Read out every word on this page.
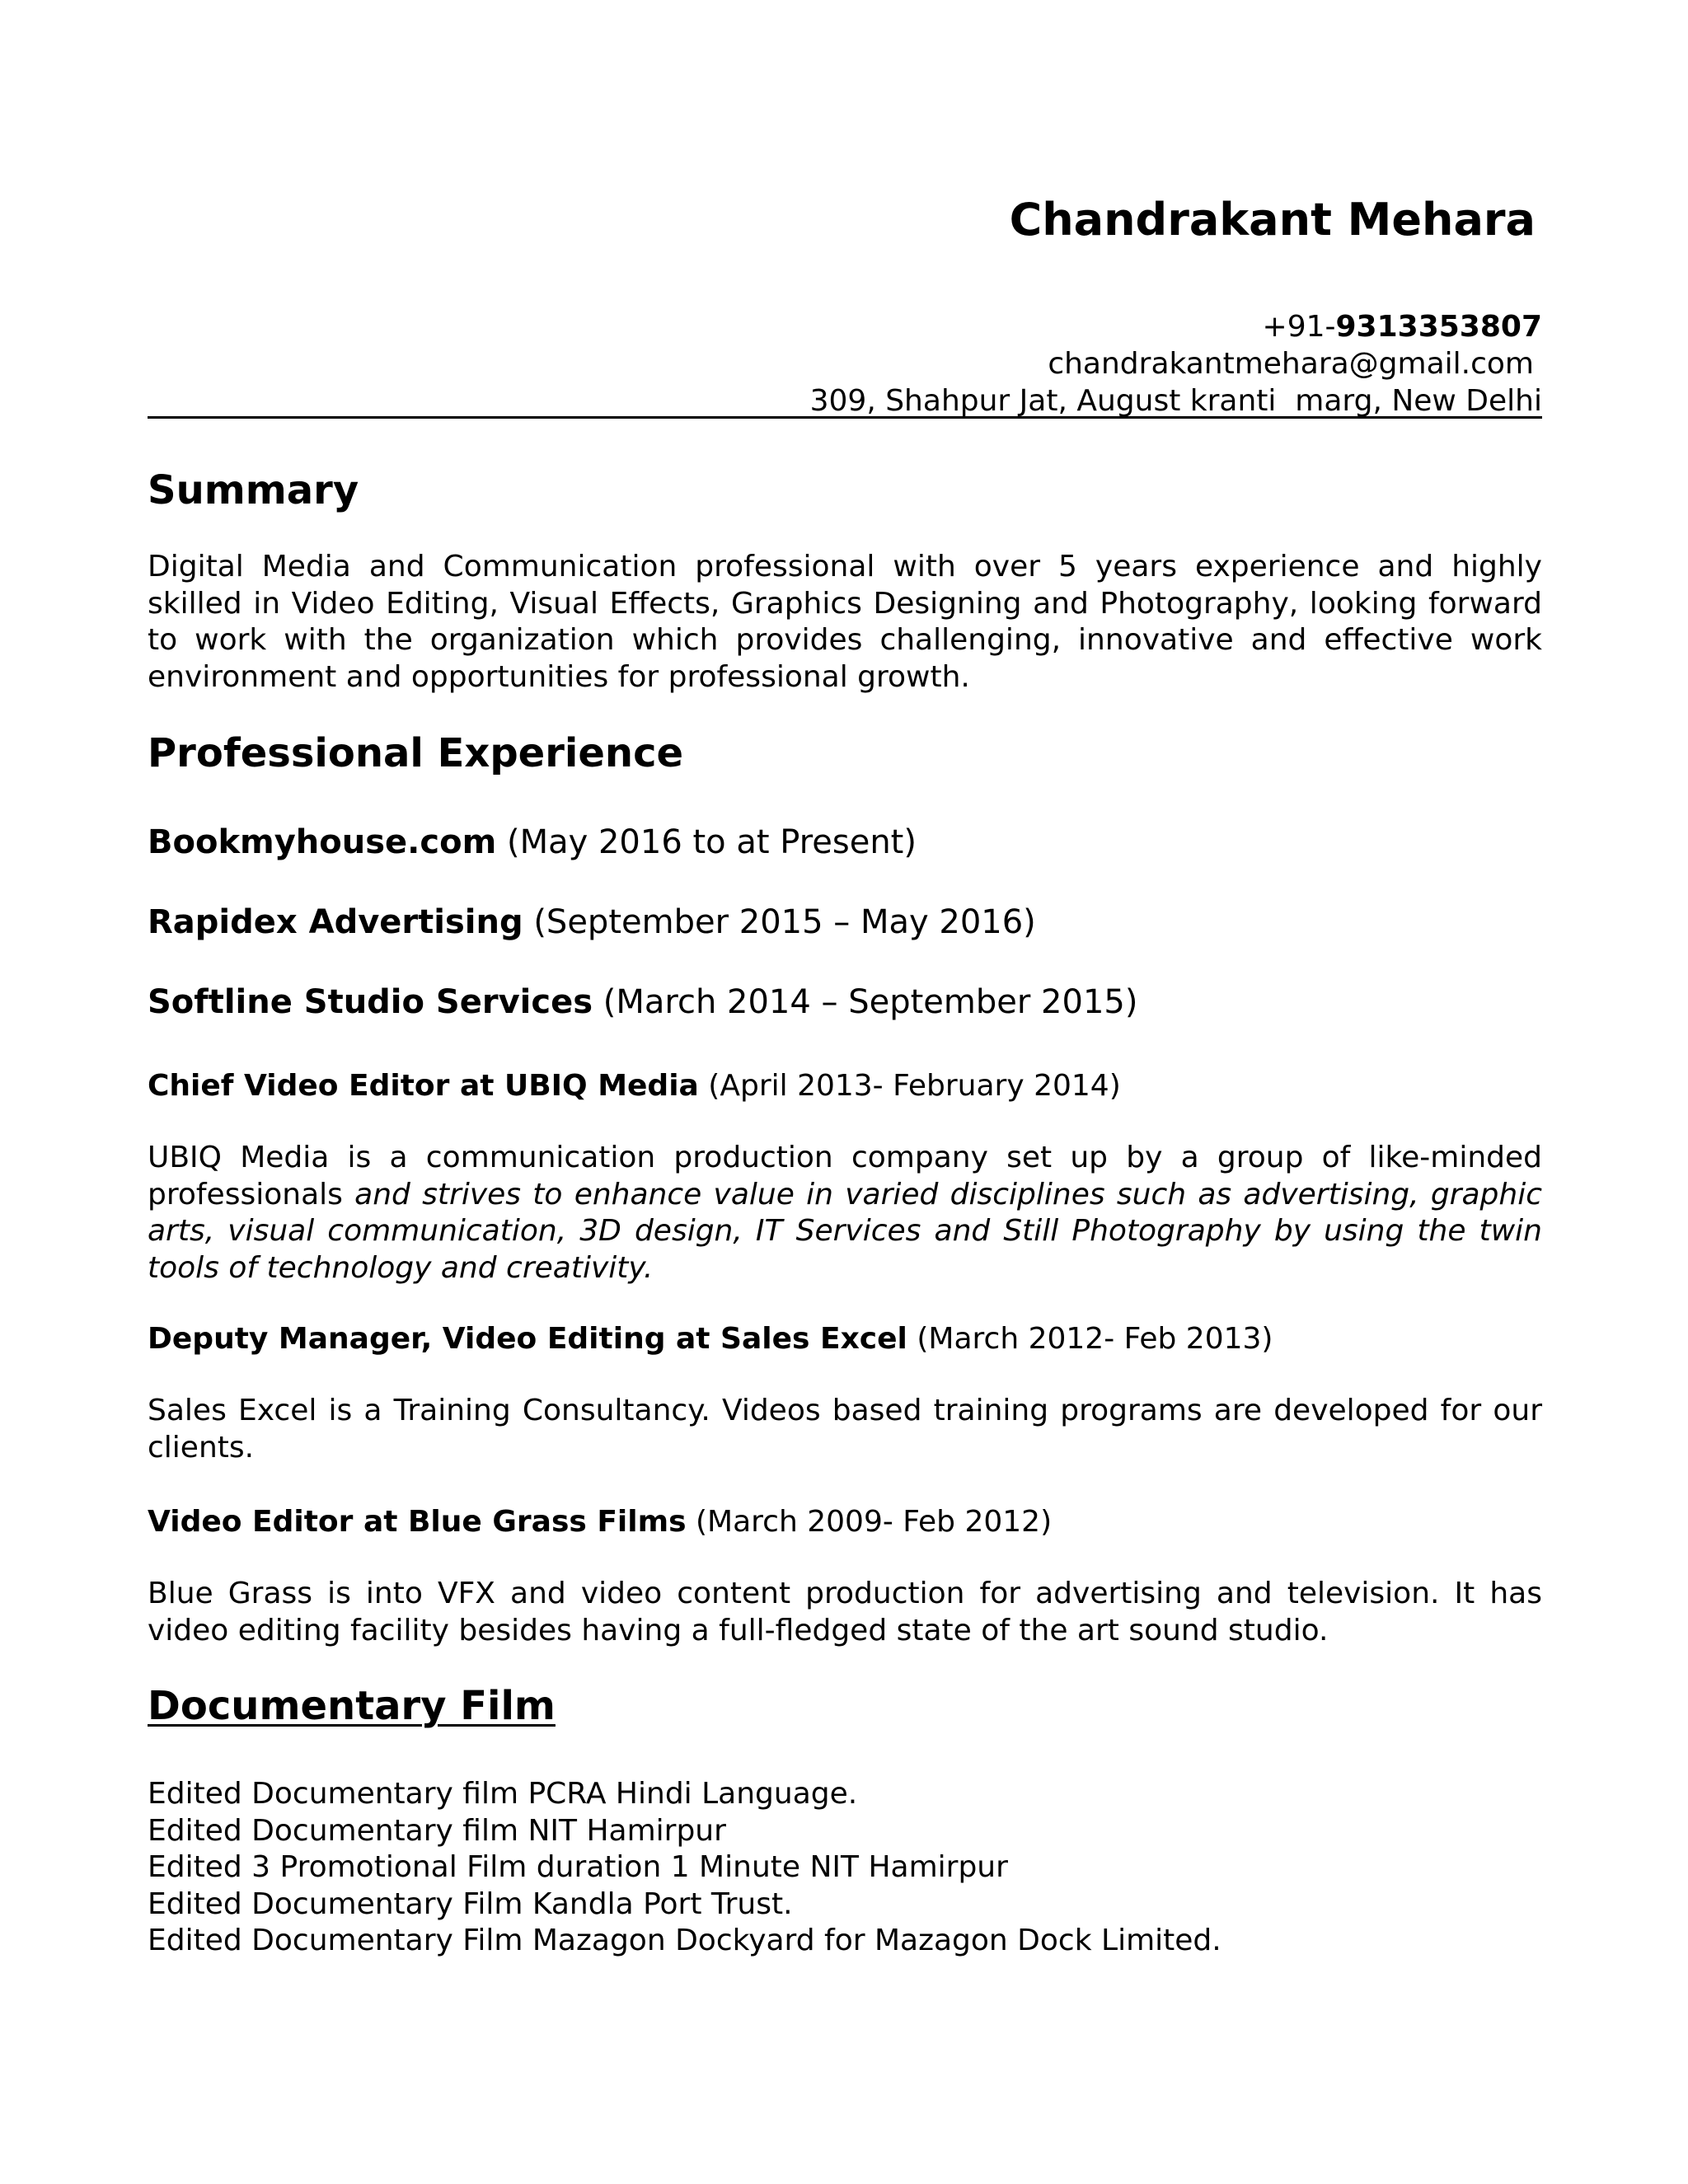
Chandrakant Mehara
+91-9313353807
chandrakantmehara@gmail.com
309, Shahpur Jat, August kranti  marg, New Delhi
Summary

Digital Media and Communication professional with over 5 years experience and highly skilled in Video Editing, Visual Effects, Graphics Designing and Photography, looking forward to work with the organization which provides challenging, innovative and effective work environment and opportunities for professional growth.

Professional Experience
Bookmyhouse.com (May 2016 to at Present)
Rapidex Advertising (September 2015 – May 2016)
Softline Studio Services (March 2014 – September 2015)
Chief Video Editor at UBIQ Media (April 2013- February 2014)

UBIQ Media is a communication production company set up by a group of like-minded professionals and strives to enhance value in varied disciplines such as advertising, graphic arts, visual communication, 3D design, IT Services and Still Photography by using the twin tools of technology and creativity.

Deputy Manager, Video Editing at Sales Excel (March 2012- Feb 2013)

Sales Excel is a Training Consultancy. Videos based training programs are developed for our clients.

Video Editor at Blue Grass Films (March 2009- Feb 2012)

Blue Grass is into VFX and video content production for advertising and television. It has video editing facility besides having a full-fledged state of the art sound studio.

Documentary Film
Edited Documentary film PCRA Hindi Language.
Edited Documentary film NIT Hamirpur
Edited 3 Promotional Film duration 1 Minute NIT Hamirpur
Edited Documentary Film Kandla Port Trust.
Edited Documentary Film Mazagon Dockyard for Mazagon Dock Limited.
